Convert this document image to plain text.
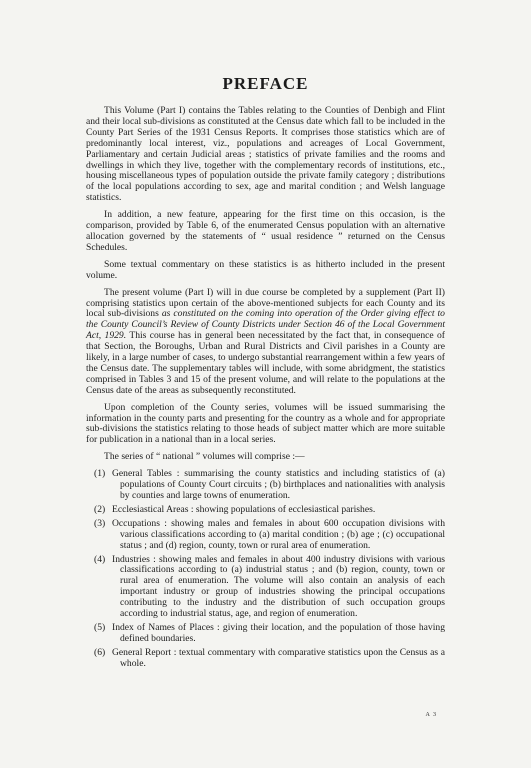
PREFACE

This Volume (Part I) contains the Tables relating to the Counties of Denbigh and Flint and their local sub-divisions as constituted at the Census date which fall to be included in the County Part Series of the 1931 Census Reports. It comprises those statistics which are of predominantly local interest, viz., populations and acreages of Local Government, Parliamentary and certain Judicial areas ; statistics of private families and the rooms and dwellings in which they live, together with the complementary records of institutions, etc., housing miscellaneous types of population outside the private family category ; distributions of the local populations according to sex, age and marital condition ; and Welsh language statistics.

In addition, a new feature, appearing for the first time on this occasion, is the comparison, provided by Table 6, of the enumerated Census population with an alternative allocation governed by the statements of “ usual residence ” returned on the Census Schedules.

Some textual commentary on these statistics is as hitherto included in the present volume.

The present volume (Part I) will in due course be completed by a supplement (Part II) comprising statistics upon certain of the above-mentioned subjects for each County and its local sub-divisions as constituted on the coming into operation of the Order giving effect to the County Council’s Review of County Districts under Section 46 of the Local Government Act, 1929. This course has in general been necessitated by the fact that, in consequence of that Section, the Boroughs, Urban and Rural Districts and Civil parishes in a County are likely, in a large number of cases, to undergo substantial rearrangement within a few years of the Census date. The supplementary tables will include, with some abridgment, the statistics comprised in Tables 3 and 15 of the present volume, and will relate to the populations at the Census date of the areas as subsequently reconstituted.

Upon completion of the County series, volumes will be issued summarising the information in the county parts and presenting for the country as a whole and for appropriate sub-divisions the statistics relating to those heads of subject matter which are more suitable for publication in a national than in a local series.

The series of “ national ” volumes will comprise :—

(1) General Tables : summarising the county statistics and including statistics of (a) populations of County Court circuits ; (b) birthplaces and nationalities with analysis by counties and large towns of enumeration.
(2) Ecclesiastical Areas : showing populations of ecclesiastical parishes.
(3) Occupations : showing males and females in about 600 occupation divisions with various classifications according to (a) marital condition ; (b) age ; (c) occupational status ; and (d) region, county, town or rural area of enumeration.
(4) Industries : showing males and females in about 400 industry divisions with various classifications according to (a) industrial status ; and (b) region, county, town or rural area of enumeration. The volume will also contain an analysis of each important industry or group of industries showing the principal occupations contributing to the industry and the distribution of such occupation groups according to industrial status, age, and region of enumeration.
(5) Index of Names of Places : giving their location, and the population of those having defined boundaries.
(6) General Report : textual commentary with comparative statistics upon the Census as a whole.
A 3
